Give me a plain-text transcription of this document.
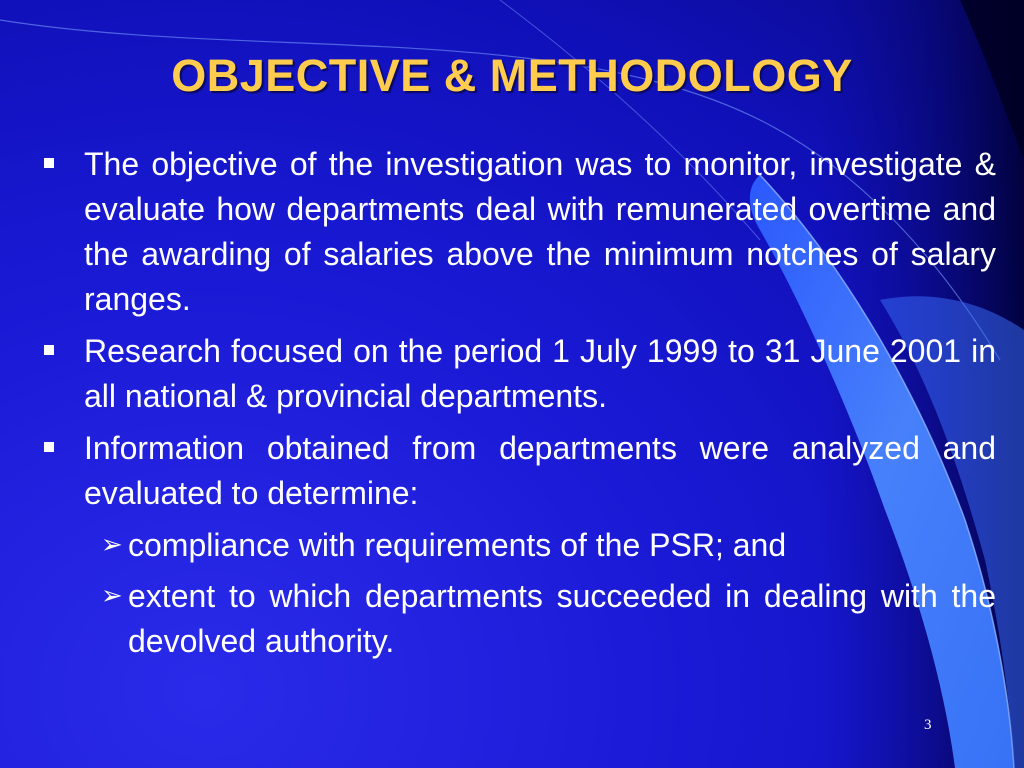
OBJECTIVE & METHODOLOGY
The objective of the investigation was to monitor, investigate & evaluate how departments deal with remunerated overtime and the awarding of salaries above the minimum notches of salary ranges.
Research focused on the period 1 July 1999 to 31 June 2001 in all national & provincial departments.
Information obtained from departments were analyzed and evaluated to determine:
➢ compliance with requirements of the PSR; and
➢ extent to which departments succeeded in dealing with the devolved authority.
3
